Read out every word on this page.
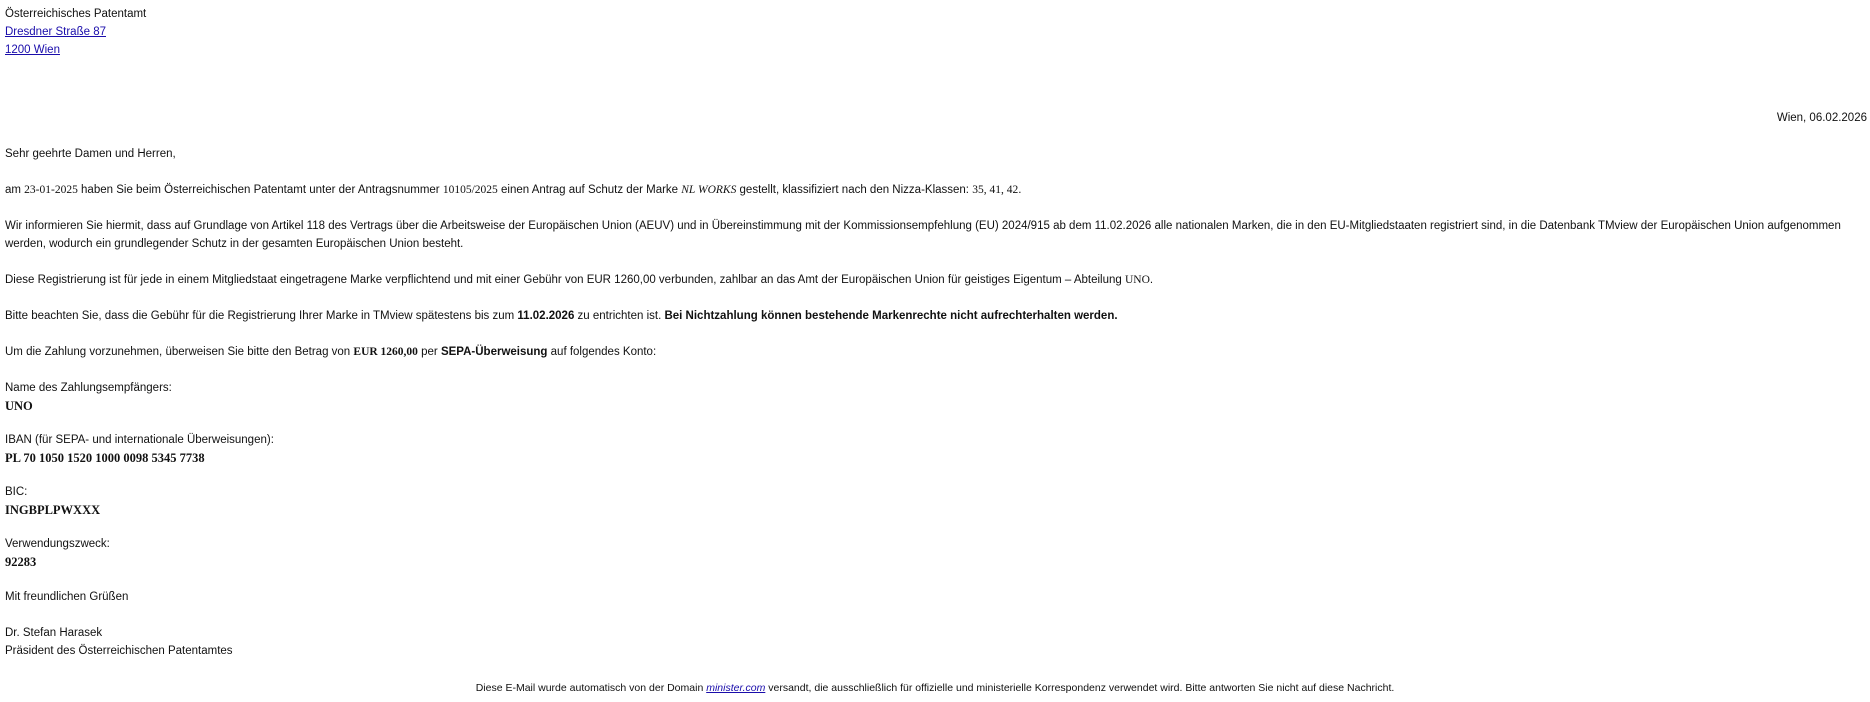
Österreichisches Patentamt
Dresdner Straße 87
1200 Wien
Wien, 06.02.2026
Sehr geehrte Damen und Herren,
am 23-01-2025 haben Sie beim Österreichischen Patentamt unter der Antragsnummer 10105/2025 einen Antrag auf Schutz der Marke NL WORKS gestellt, klassifiziert nach den Nizza-Klassen: 35, 41, 42.
Wir informieren Sie hiermit, dass auf Grundlage von Artikel 118 des Vertrags über die Arbeitsweise der Europäischen Union (AEUV) und in Übereinstimmung mit der Kommissionsempfehlung (EU) 2024/915 ab dem 11.02.2026 alle nationalen Marken, die in den EU-Mitgliedstaaten registriert sind, in die Datenbank TMview der Europäischen Union aufgenommen werden, wodurch ein grundlegender Schutz in der gesamten Europäischen Union besteht.
Diese Registrierung ist für jede in einem Mitgliedstaat eingetragene Marke verpflichtend und mit einer Gebühr von EUR 1260,00 verbunden, zahlbar an das Amt der Europäischen Union für geistiges Eigentum – Abteilung UNO.
Bitte beachten Sie, dass die Gebühr für die Registrierung Ihrer Marke in TMview spätestens bis zum 11.02.2026 zu entrichten ist. Bei Nichtzahlung können bestehende Markenrechte nicht aufrechterhalten werden.
Um die Zahlung vorzunehmen, überweisen Sie bitte den Betrag von EUR 1260,00 per SEPA-Überweisung auf folgendes Konto:
Name des Zahlungsempfängers:
UNO
IBAN (für SEPA- und internationale Überweisungen):
PL 70 1050 1520 1000 0098 5345 7738
BIC:
INGBPLPWXXX
Verwendungszweck:
92283
Mit freundlichen Grüßen
Dr. Stefan Harasek
Präsident des Österreichischen Patentamtes
Diese E-Mail wurde automatisch von der Domain minister.com versandt, die ausschließlich für offizielle und ministerielle Korrespondenz verwendet wird. Bitte antworten Sie nicht auf diese Nachricht.
